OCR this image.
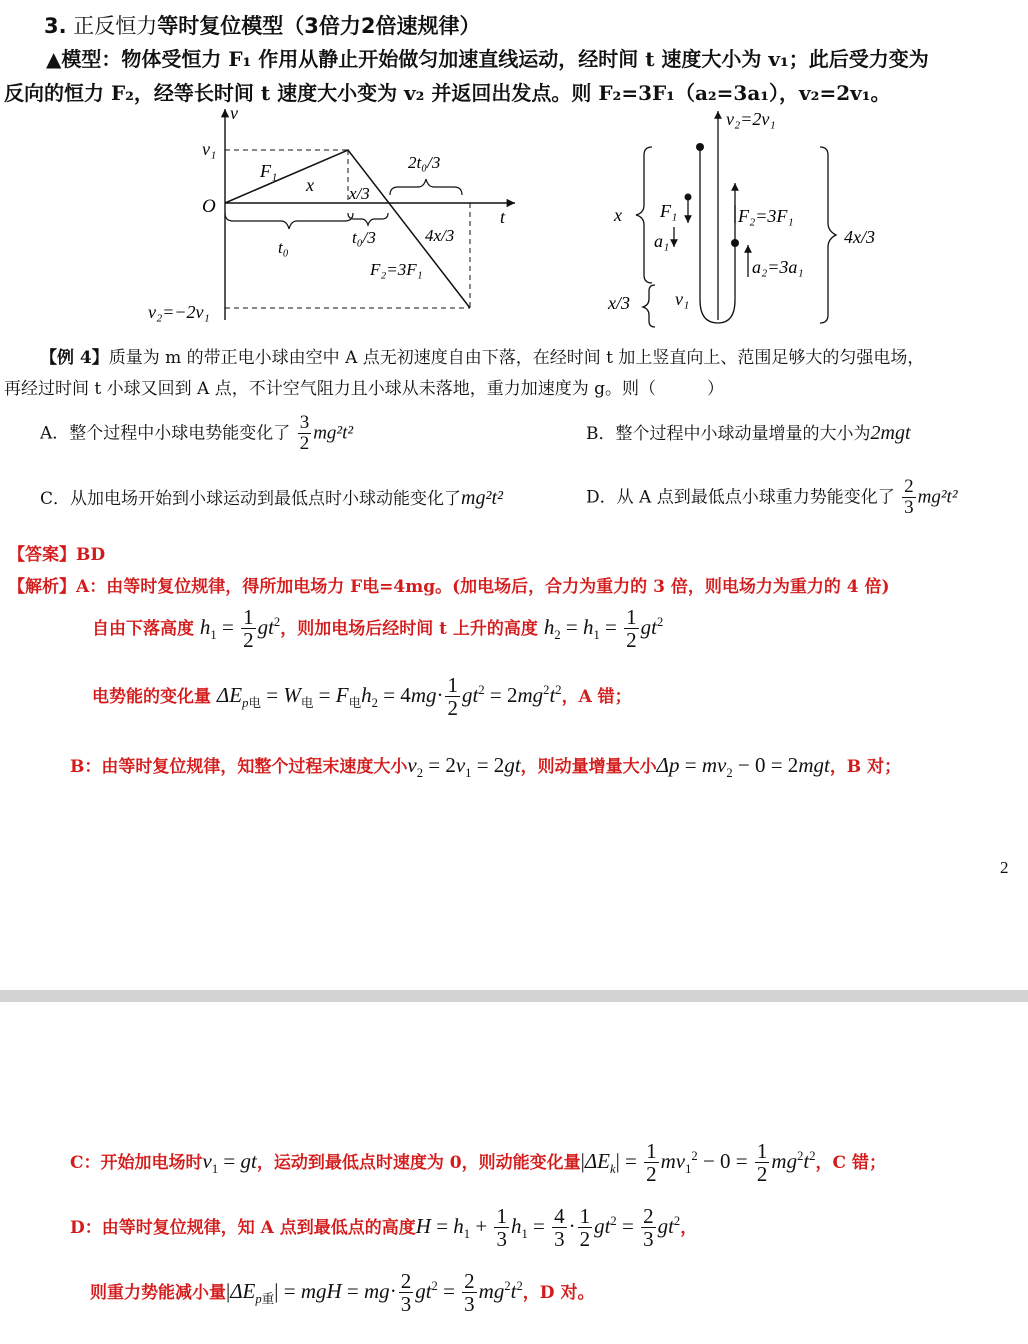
3. 正反恒力等时复位模型（3倍力2倍速规律）
▲模型：物体受恒力 F₁ 作用从静止开始做匀加速直线运动，经时间 t 速度大小为 v₁；此后受力变为
反向的恒力 F₂，经等长时间 t 速度大小变为 v₂ 并返回出发点。则 F₂=3F₁（a₂=3a₁），v₂=2v₁。
v
t
O
v₁
v₂=−2v₁
F₁
x x/3
t₀
t₀/3
2t₀/3
4x/3
F₂=3F₁
v₂=2v₁
x F₁
a₁
F₂=3F₁
a₂=3a₁
4x/3
x/3	v₁
【例 4】质量为 m 的带正电小球由空中 A 点无初速度自由下落，在经时间 t 加上竖直向上、范围足够大的匀强电场，
再经过时间 t 小球又回到 A 点，不计空气阻力且小球从未落地，重力加速度为 g。则（　　　）
A．整个过程中小球电势能变化了 $\frac{3}{2} mg^2t^2$	B．整个过程中小球动量增量的大小为2mgt
C．从加电场开始到小球运动到最低点时小球动能变化了mg²t²	D．从 A 点到最低点小球重力势能变化了 $\frac{2}{3} mg^2t^2$
【答案】BD
【解析】A：由等时复位规律，得所加电场力 F电=4mg。(加电场后，合力为重力的 3 倍，则电场力为重力的 4 倍)
自由下落高度 $h_1 = \frac{1}{2} gt^2$，则加电场后经时间 t 上升的高度 $h_2 = h_1 = \frac{1}{2} gt^2$
电势能的变化量 $\Delta E_{p电} = W_电 = F_电h_2 = 4mg\cdot \frac{1}{2} gt^2 = 2mg^2t^2$，A 错；
B：由等时复位规律，知整个过程末速度大小$v_2 = 2v_1 = 2gt$，则动量增量大小$\Delta p = mv_2 - 0 = 2mgt$，B 对；
2
C：开始加电场时$v_1$ = gt，运动到最低点时速度为 0，则动能变化量$|\Delta E_k| = \frac{1}{2} mv_1^2 - 0 = \frac{1}{2} mg^2t^2$，C 错；
D：由等时复位规律，知 A 点到最低点的高度$H = h_1 + \frac{1}{3} h_1 = \frac{4}{3} \cdot \frac{1}{2} gt^2 = \frac{2}{3} gt^2$，
则重力势能减小量$|\Delta E_{p重}|$ = mgH = $mg\cdot \frac{2}{3} gt^2 = \frac{2}{3} mg^2t^2$，D 对。
